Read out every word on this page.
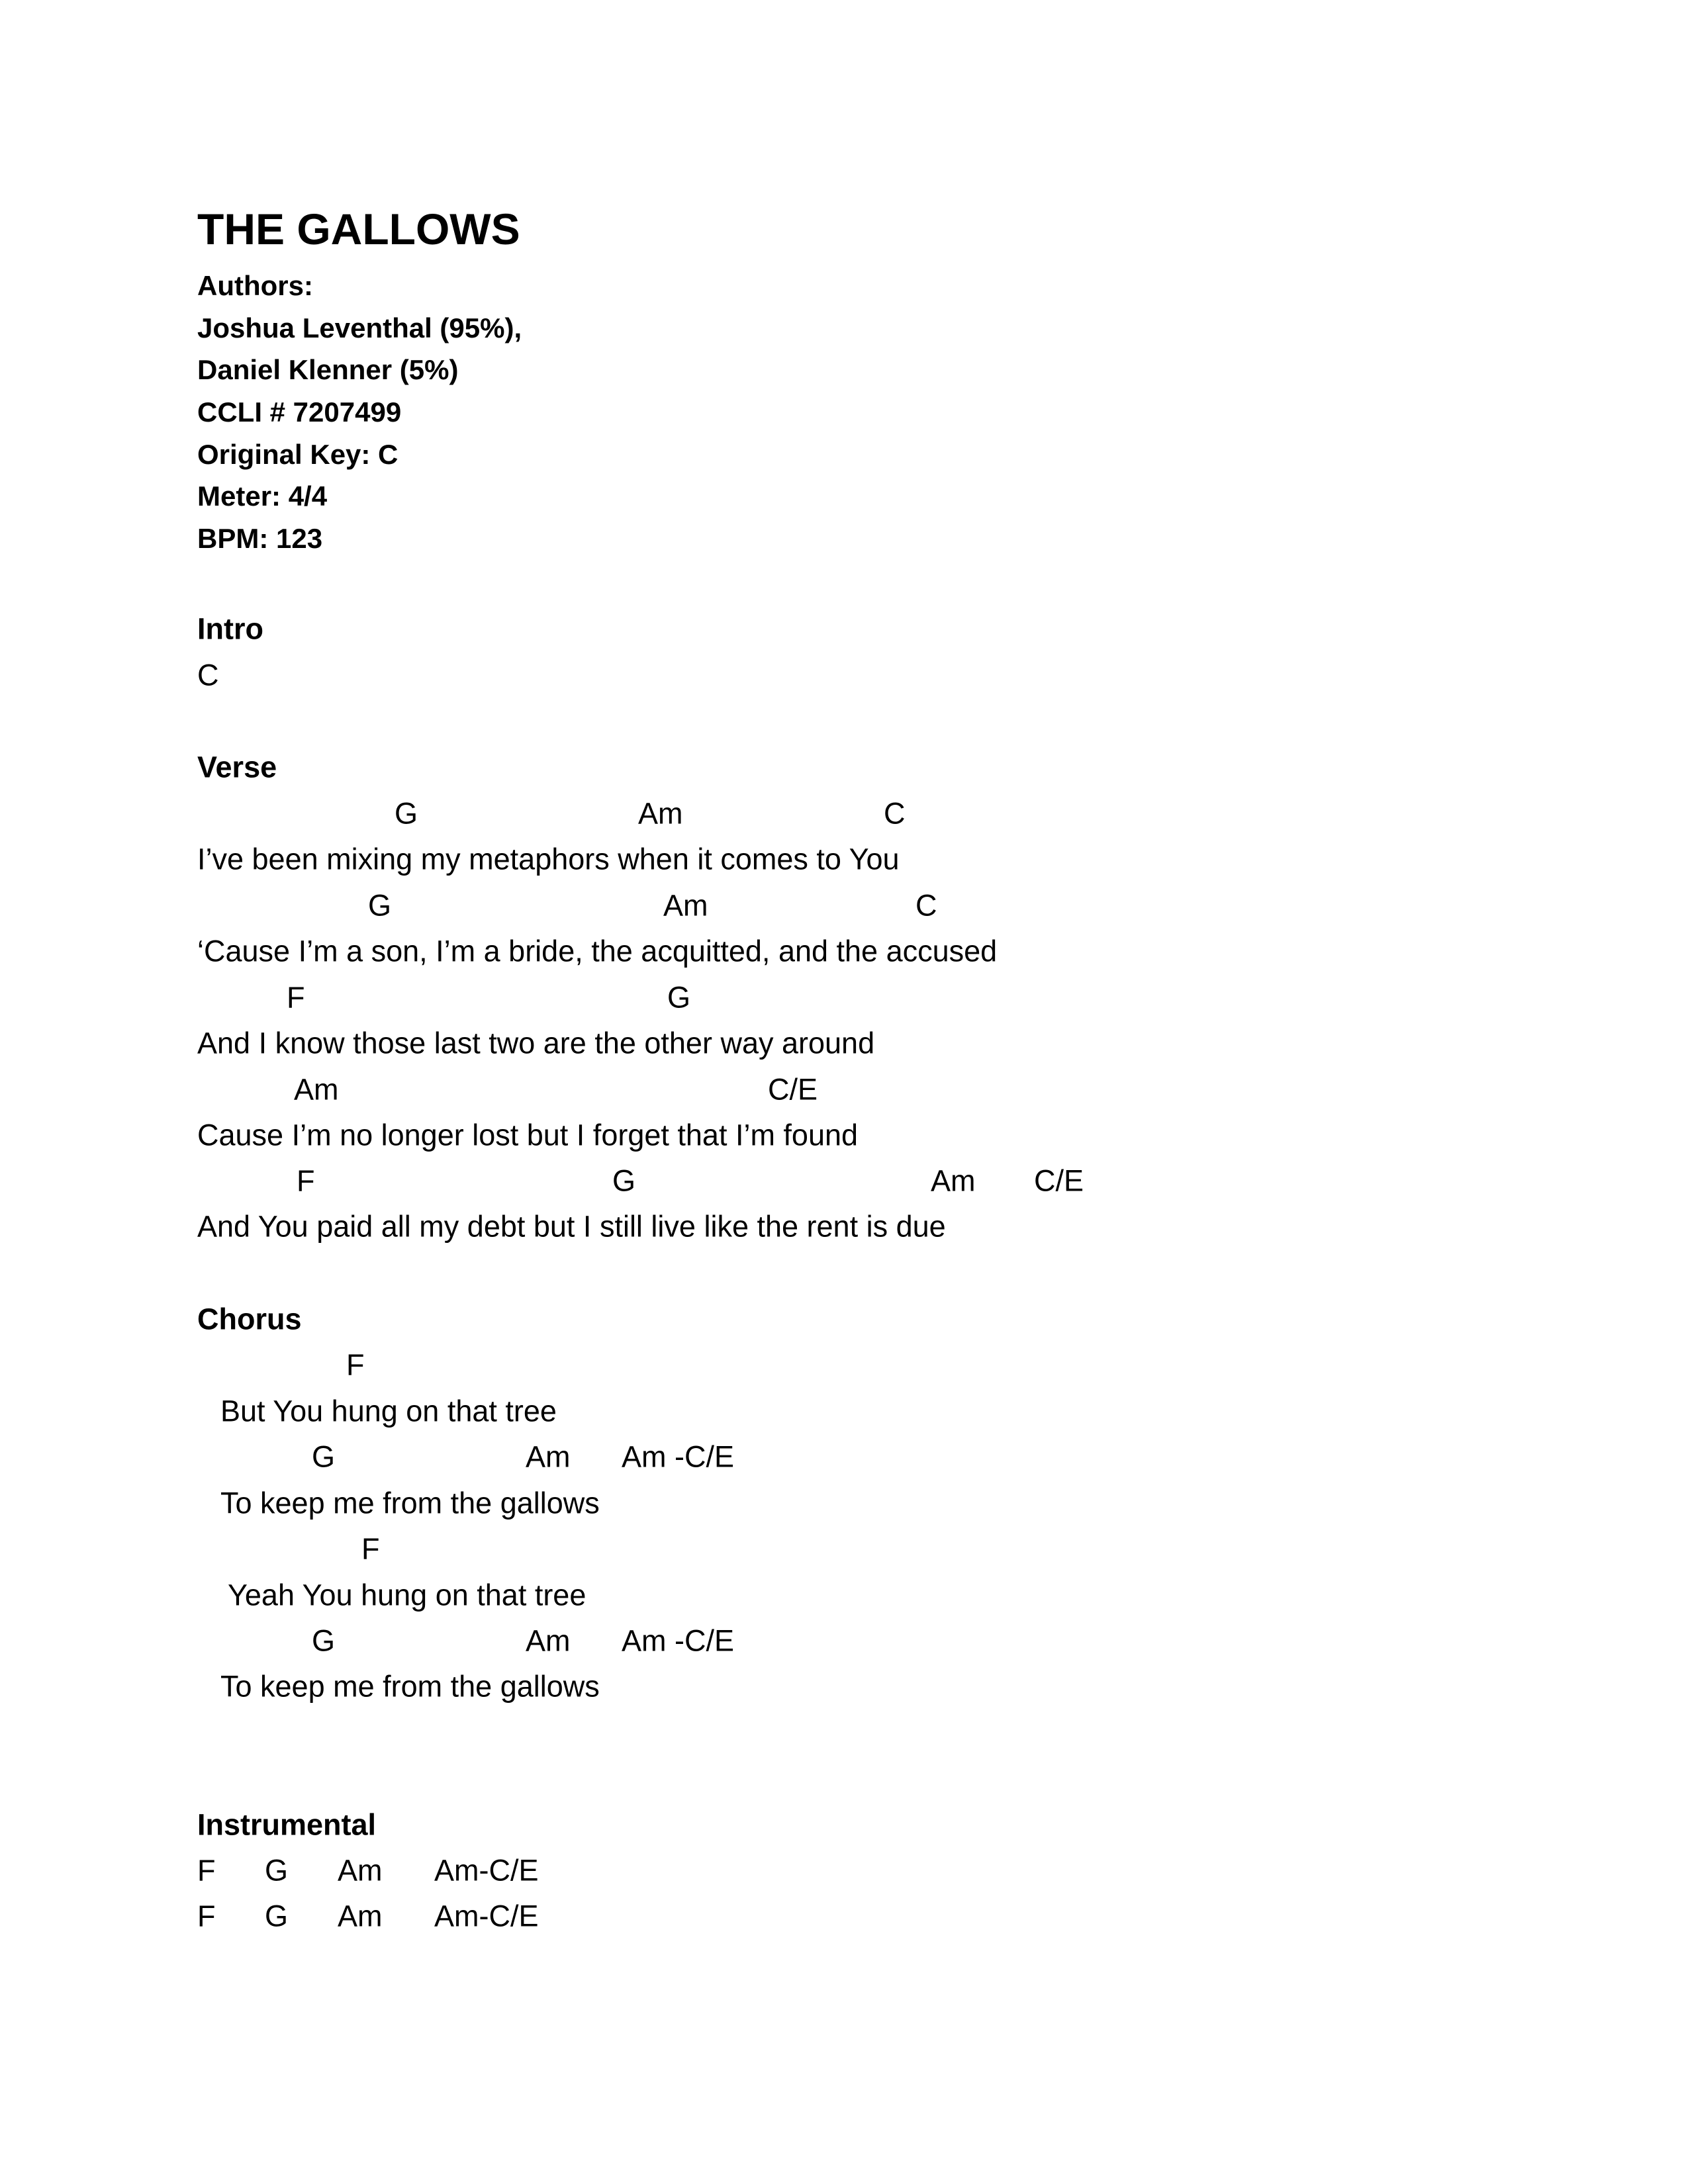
THE GALLOWS
Authors:
Joshua Leventhal (95%),
Daniel Klenner (5%)
CCLI # 7207499
Original Key: C
Meter: 4/4
BPM: 123
Intro
C
Verse
G	Am	C
I’ve been mixing my metaphors when it comes to You
G	Am	C
‘Cause I’m a son, I’m a bride, the acquitted, and the accused
F	G
And I know those last two are the other way around
Am	C/E
Cause I’m no longer lost but I forget that I’m found
F	G	Am C/E
And You paid all my debt but I still live like the rent is due
Chorus
F
But You hung on that tree
G	Am Am -C/E
To keep me from the gallows
F
Yeah You hung on that tree
G	Am Am -C/E
To keep me from the gallows
Instrumental
F G Am Am-C/E
F G Am Am-C/E
